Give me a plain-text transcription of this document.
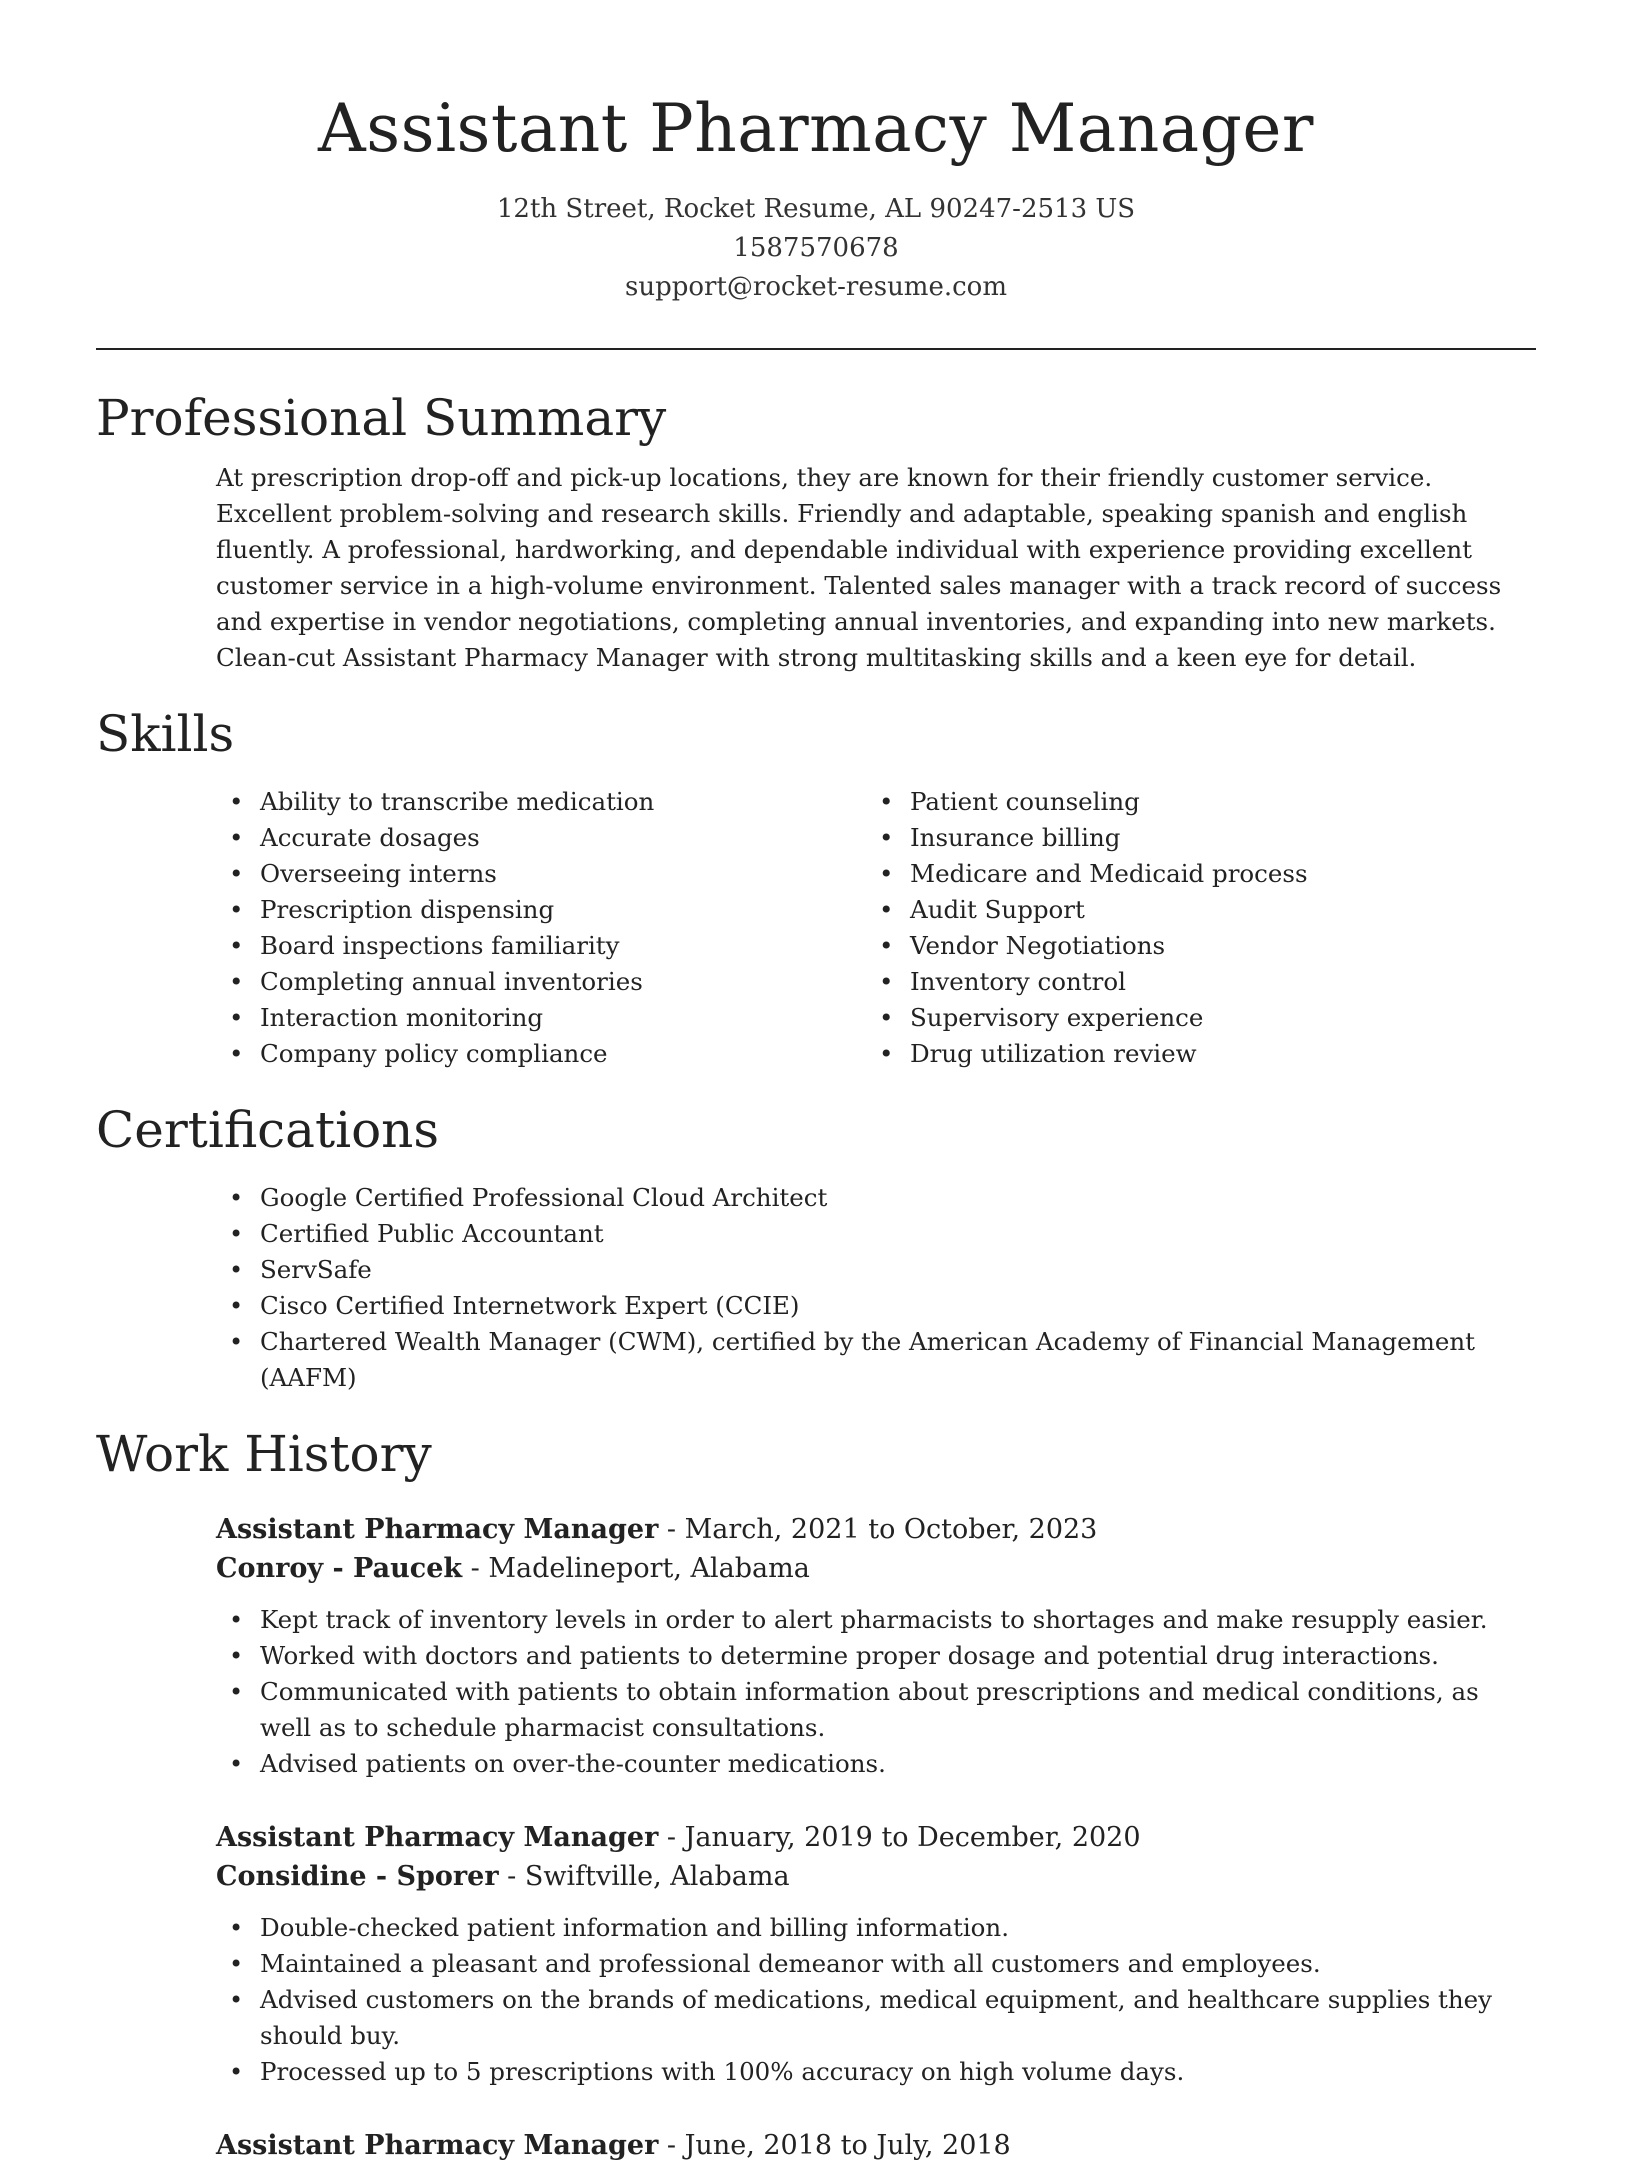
Assistant Pharmacy Manager
12th Street, Rocket Resume, AL 90247-2513 US
1587570678
support@rocket-resume.com
Professional Summary
At prescription drop-off and pick-up locations, they are known for their friendly customer service. Excellent problem-solving and research skills. Friendly and adaptable, speaking spanish and english fluently. A professional, hardworking, and dependable individual with experience providing excellent customer service in a high-volume environment. Talented sales manager with a track record of success and expertise in vendor negotiations, completing annual inventories, and expanding into new markets. Clean-cut Assistant Pharmacy Manager with strong multitasking skills and a keen eye for detail.
Skills
• Ability to transcribe medication
• Accurate dosages
• Overseeing interns
• Prescription dispensing
• Board inspections familiarity
• Completing annual inventories
• Interaction monitoring
• Company policy compliance
• Patient counseling
• Insurance billing
• Medicare and Medicaid process
• Audit Support
• Vendor Negotiations
• Inventory control
• Supervisory experience
• Drug utilization review
Certifications
• Google Certified Professional Cloud Architect
• Certified Public Accountant
• ServSafe
• Cisco Certified Internetwork Expert (CCIE)
• Chartered Wealth Manager (CWM), certified by the American Academy of Financial Management (AAFM)
Work History
Assistant Pharmacy Manager - March, 2021 to October, 2023
Conroy - Paucek - Madelineport, Alabama
• Kept track of inventory levels in order to alert pharmacists to shortages and make resupply easier.
• Worked with doctors and patients to determine proper dosage and potential drug interactions.
• Communicated with patients to obtain information about prescriptions and medical conditions, as well as to schedule pharmacist consultations.
• Advised patients on over-the-counter medications.
Assistant Pharmacy Manager - January, 2019 to December, 2020
Considine - Sporer - Swiftville, Alabama
• Double-checked patient information and billing information.
• Maintained a pleasant and professional demeanor with all customers and employees.
• Advised customers on the brands of medications, medical equipment, and healthcare supplies they should buy.
• Processed up to 5 prescriptions with 100% accuracy on high volume days.
Assistant Pharmacy Manager - June, 2018 to July, 2018
